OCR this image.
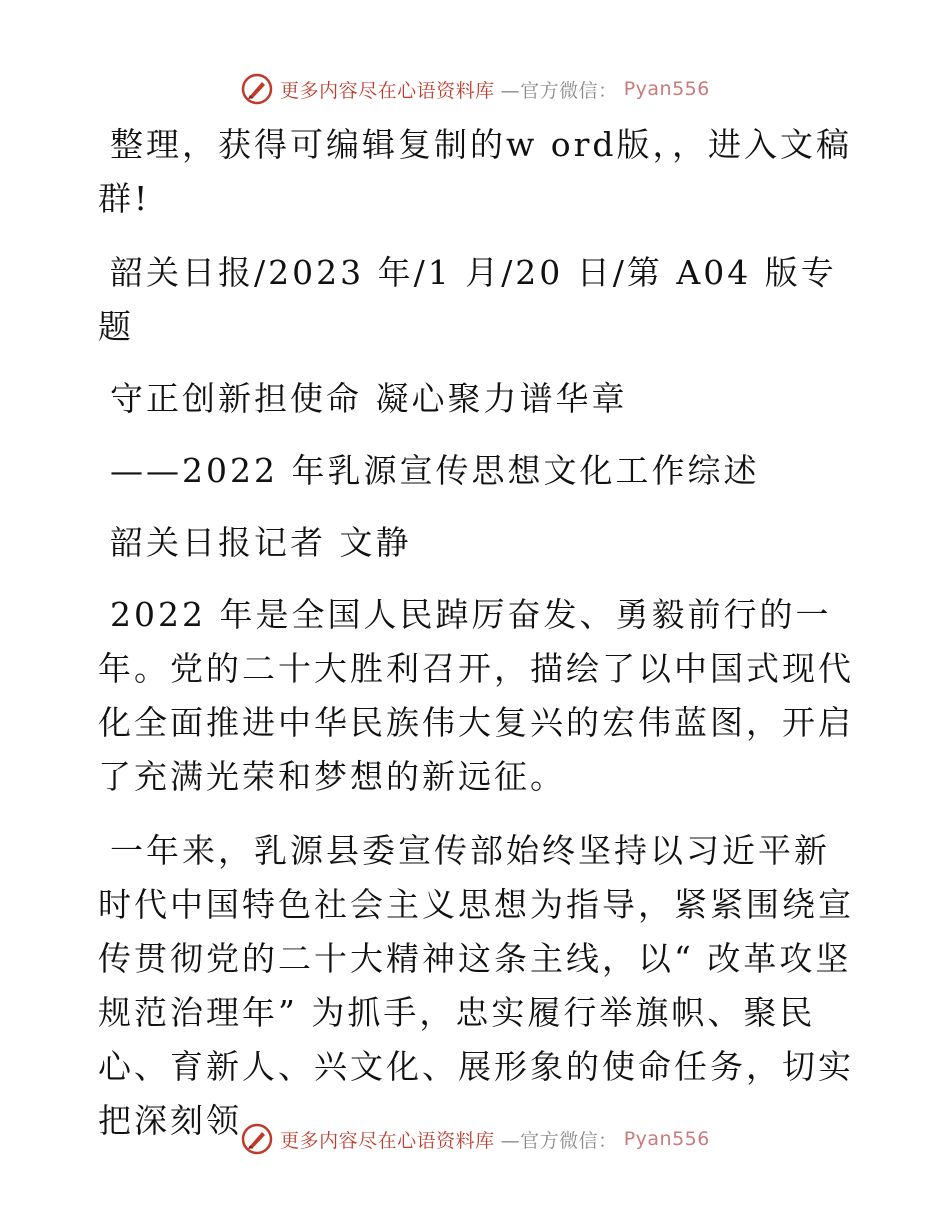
更多内容尽在心语资料库 —官方微信： Pyan556

整理，获得可编辑复制的w ord版，，进入文稿群!

韶关日报/2023 年/1 月/20 日/第 A04 版专题

守正创新担使命 凝心聚力谱华章

——2022 年乳源宣传思想文化工作综述

韶关日报记者 文静

2022 年是全国人民踔厉奋发、勇毅前行的一年。党的二十大胜利召开，描绘了以中国式现代化全面推进中华民族伟大复兴的宏伟蓝图，开启了充满光荣和梦想的新远征。

一年来，乳源县委宣传部始终坚持以习近平新时代中国特色社会主义思想为指导，紧紧围绕宣传贯彻党的二十大精神这条主线，以“ 改革攻坚规范治理年” 为抓手，忠实履行举旗帜、聚民心、育新人、兴文化、展形象的使命任务，切实把深刻领

更多内容尽在心语资料库 —官方微信： Pyan556
